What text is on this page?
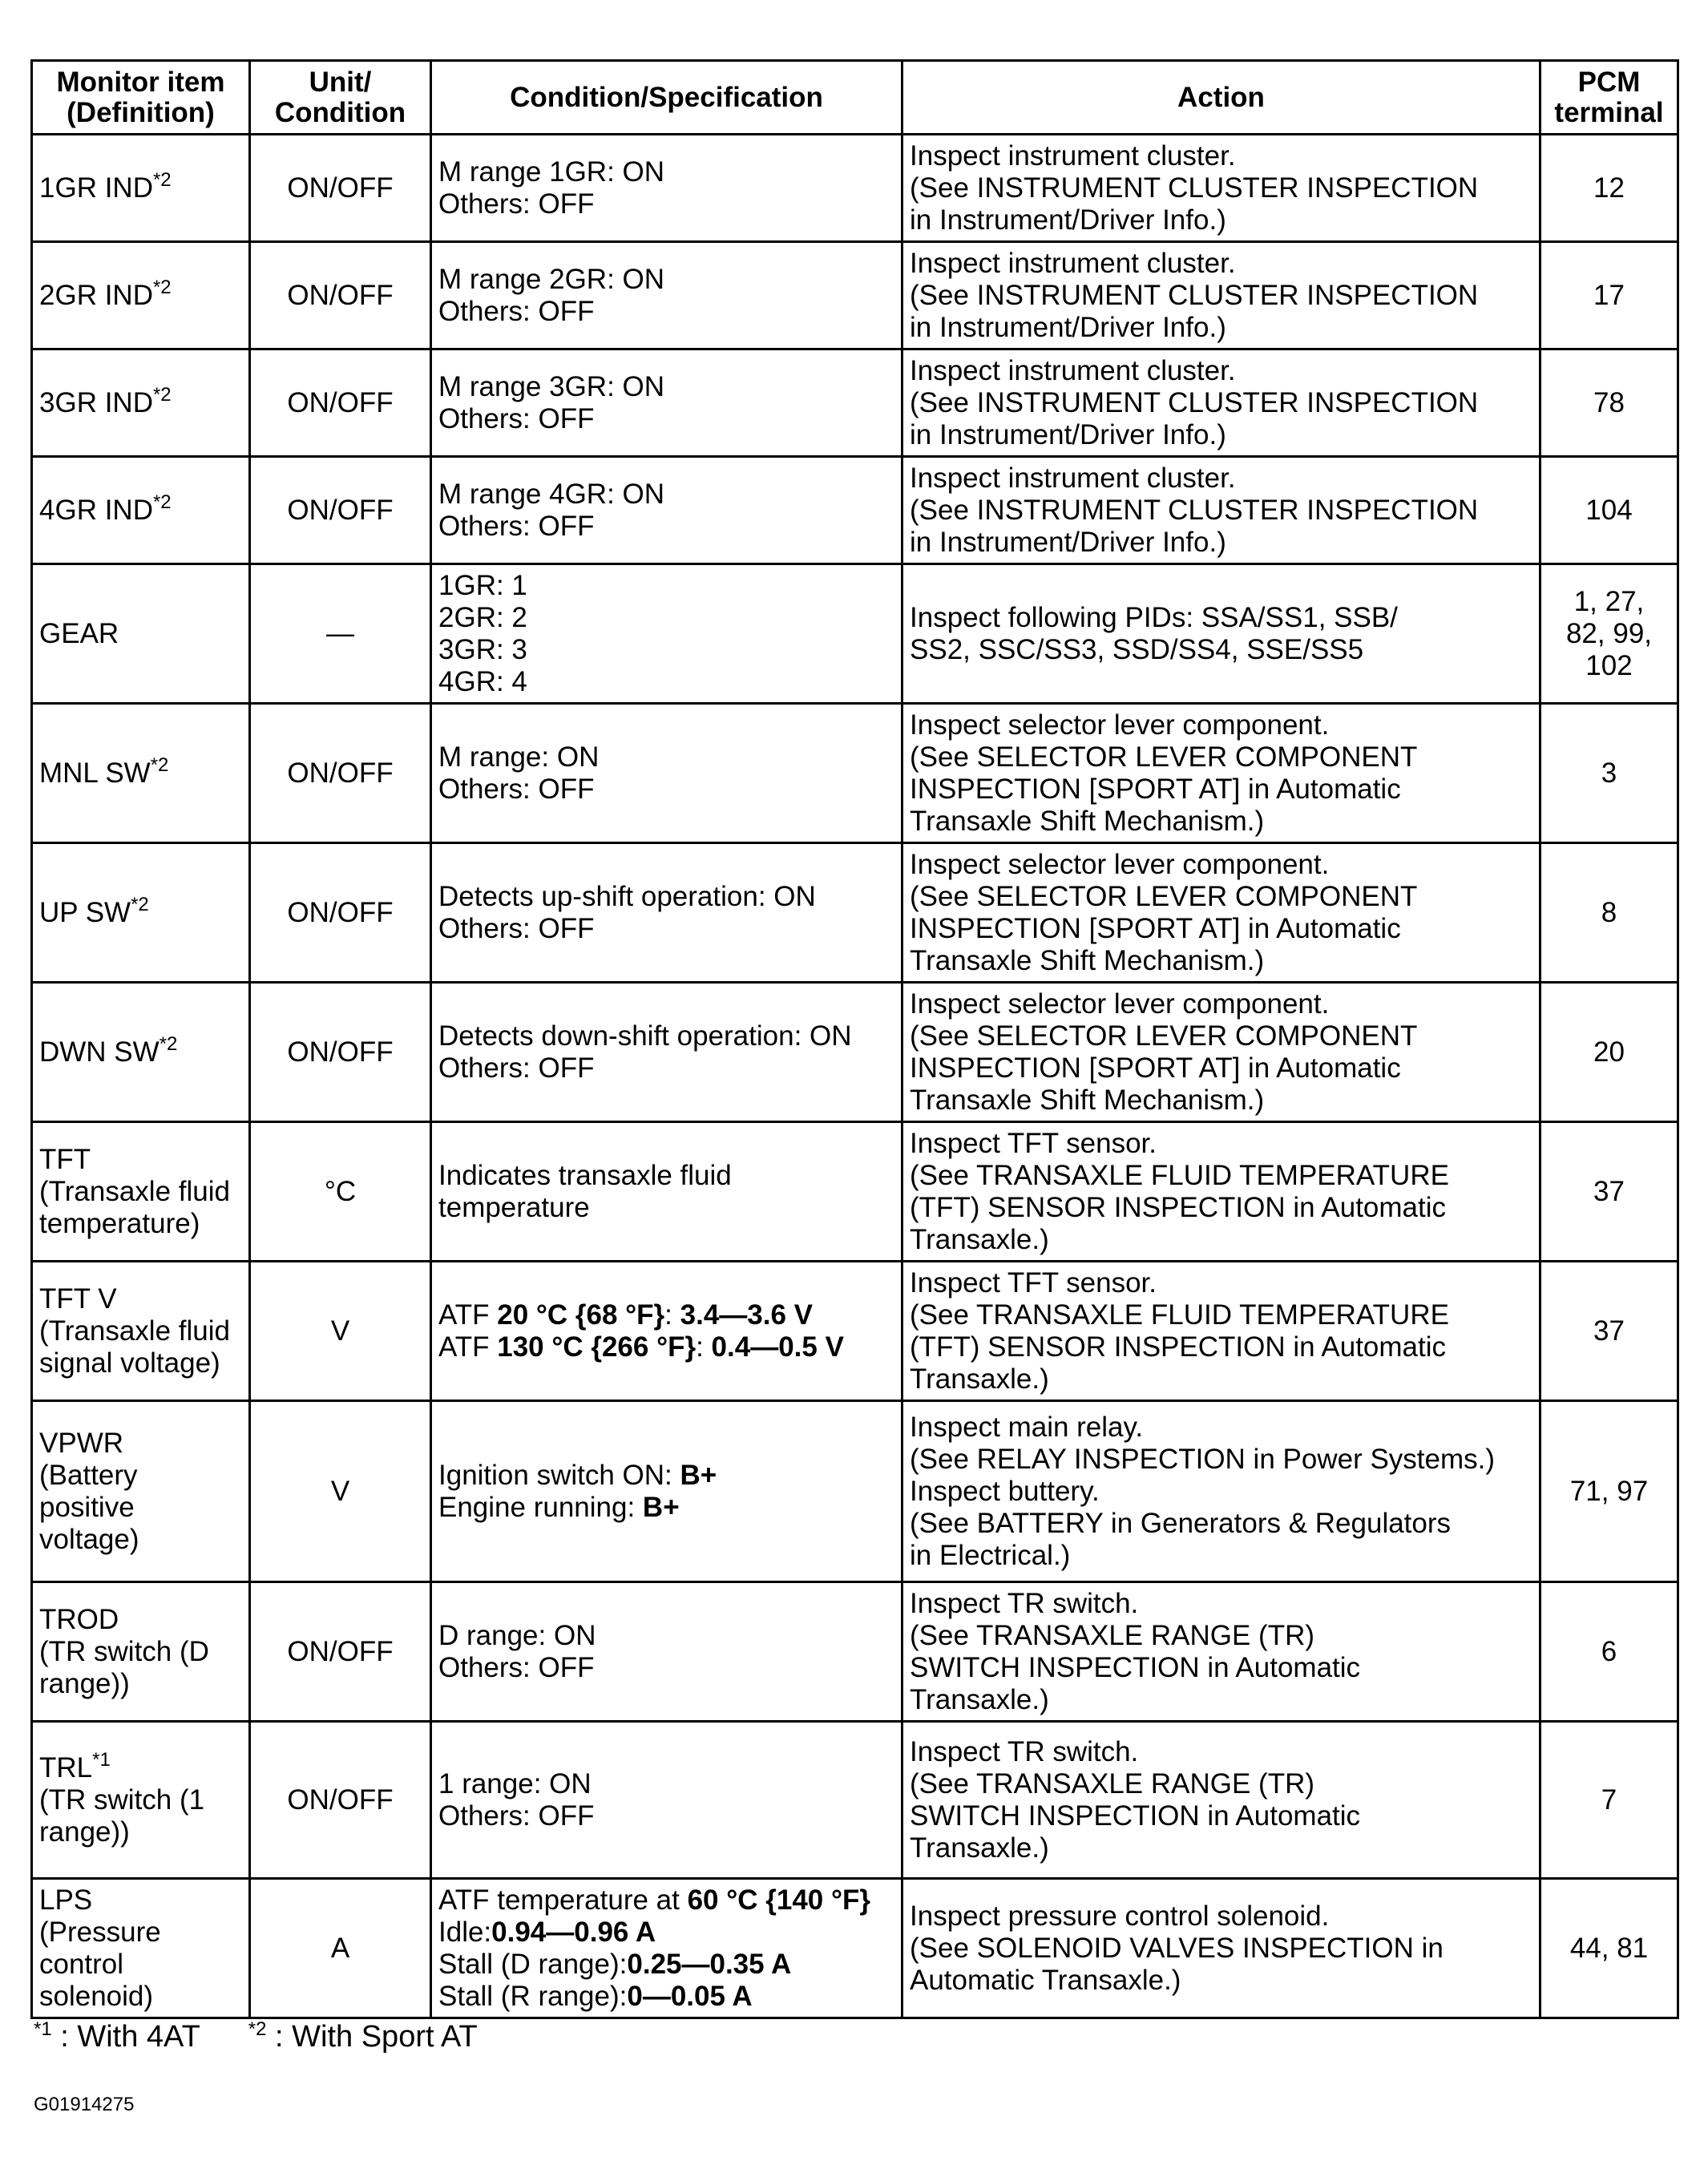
Monitor item
(Definition)	Unit/
Condition	Condition/Specification	Action	PCM
terminal

1GR IND$^{*2}$	ON/OFF	M range 1GR: ON
Others: OFF	Inspect instrument cluster.
(See INSTRUMENT CLUSTER INSPECTION
in Instrument/Driver Info.)	12

2GR IND$^{*2}$	ON/OFF	M range 2GR: ON
Others: OFF	Inspect instrument cluster.
(See INSTRUMENT CLUSTER INSPECTION
in Instrument/Driver Info.)	17

3GR IND$^{*2}$	ON/OFF	M range 3GR: ON
Others: OFF	Inspect instrument cluster.
(See INSTRUMENT CLUSTER INSPECTION
in Instrument/Driver Info.)	78

4GR IND$^{*2}$	ON/OFF	M range 4GR: ON
Others: OFF	Inspect instrument cluster.
(See INSTRUMENT CLUSTER INSPECTION
in Instrument/Driver Info.)	104

GEAR	—	1GR: 1
2GR: 2
3GR: 3
4GR: 4	Inspect following PIDs: SSA/SS1, SSB/
SS2, SSC/SS3, SSD/SS4, SSE/SS5	1, 27,
82, 99,
102

MNL SW$^{*2}$	ON/OFF	M range: ON
Others: OFF	Inspect selector lever component.
(See SELECTOR LEVER COMPONENT
INSPECTION [SPORT AT] in Automatic
Transaxle Shift Mechanism.)	3

UP SW$^{*2}$	ON/OFF	Detects up-shift operation: ON
Others: OFF	Inspect selector lever component.
(See SELECTOR LEVER COMPONENT
INSPECTION [SPORT AT] in Automatic
Transaxle Shift Mechanism.)	8

DWN SW$^{*2}$	ON/OFF	Detects down-shift operation: ON
Others: OFF	Inspect selector lever component.
(See SELECTOR LEVER COMPONENT
INSPECTION [SPORT AT] in Automatic
Transaxle Shift Mechanism.)	20

TFT
(Transaxle fluid
temperature)	°C	Indicates transaxle fluid
temperature	Inspect TFT sensor.
(See TRANSAXLE FLUID TEMPERATURE
(TFT) SENSOR INSPECTION in Automatic
Transaxle.)	37

TFT V
(Transaxle fluid
signal voltage)	V	ATF 20 °C {68 °F}: 3.4—3.6 V
ATF 130 °C {266 °F}: 0.4—0.5 V	Inspect TFT sensor.
(See TRANSAXLE FLUID TEMPERATURE
(TFT) SENSOR INSPECTION in Automatic
Transaxle.)	37

VPWR
(Battery
positive
voltage)	V	Ignition switch ON: B+
Engine running: B+	Inspect main relay.
(See RELAY INSPECTION in Power Systems.)
Inspect buttery.
(See BATTERY in Generators & Regulators
in Electrical.)	71, 97

TROD
(TR switch (D
range))	ON/OFF	D range: ON
Others: OFF	Inspect TR switch.
(See TRANSAXLE RANGE (TR)
SWITCH INSPECTION in Automatic
Transaxle.)	6

TRL$^{*1}$
(TR switch (1
range))	ON/OFF	1 range: ON
Others: OFF	Inspect TR switch.
(See TRANSAXLE RANGE (TR)
SWITCH INSPECTION in Automatic
Transaxle.)	7

LPS
(Pressure
control
solenoid)	A	ATF temperature at 60 °C {140 °F}
Idle:0.94—0.96 A
Stall (D range):0.25—0.35 A
Stall (R range):0—0.05 A	Inspect pressure control solenoid.
(See SOLENOID VALVES INSPECTION in
Automatic Transaxle.)	44, 81
$^{*1}$ : With 4AT	$^{*2}$ : With Sport AT
G01914275
